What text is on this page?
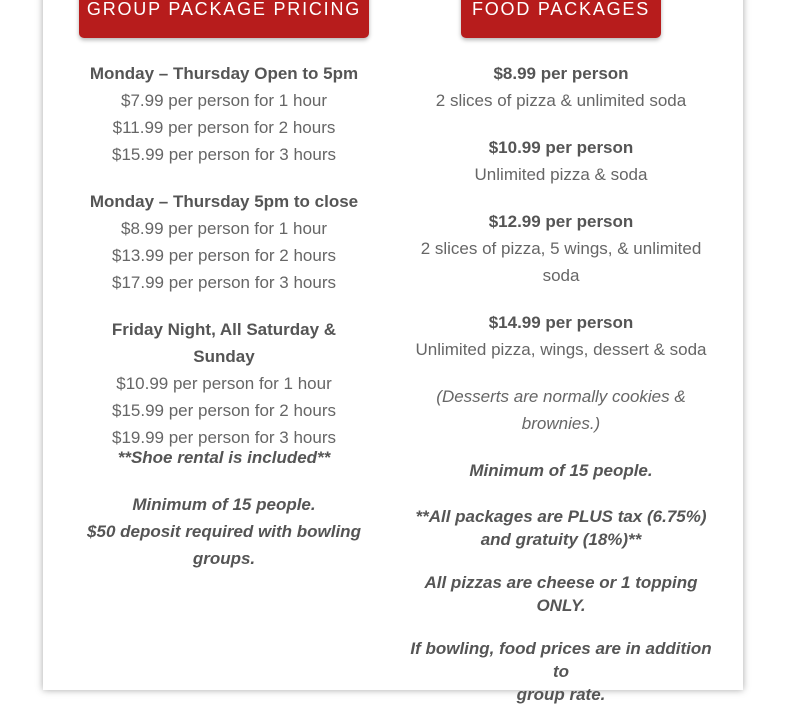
GROUP PACKAGE PRICING	FOOD PACKAGES
Monday – Thursday Open to 5pm
$7.99 per person for 1 hour
$11.99 per person for 2 hours
$15.99 per person for 3 hours
Monday – Thursday 5pm to close
$8.99 per person for 1 hour
$13.99 per person for 2 hours
$17.99 per person for 3 hours
Friday Night, All Saturday & Sunday
$10.99 per person for 1 hour
$15.99 per person for 2 hours
$19.99 per person for 3 hours
**Shoe rental is included**
Minimum of 15 people.
$50 deposit required with bowling
groups.
$8.99 per person
2 slices of pizza & unlimited soda
$10.99 per person
Unlimited pizza & soda
$12.99 per person
2 slices of pizza, 5 wings, & unlimited
soda
$14.99 per person
Unlimited pizza, wings, dessert & soda
(Desserts are normally cookies &
brownies.)
Minimum of 15 people.
**All packages are PLUS tax (6.75%)
and gratuity (18%)**
All pizzas are cheese or 1 topping
ONLY.
If bowling, food prices are in addition to
group rate.
